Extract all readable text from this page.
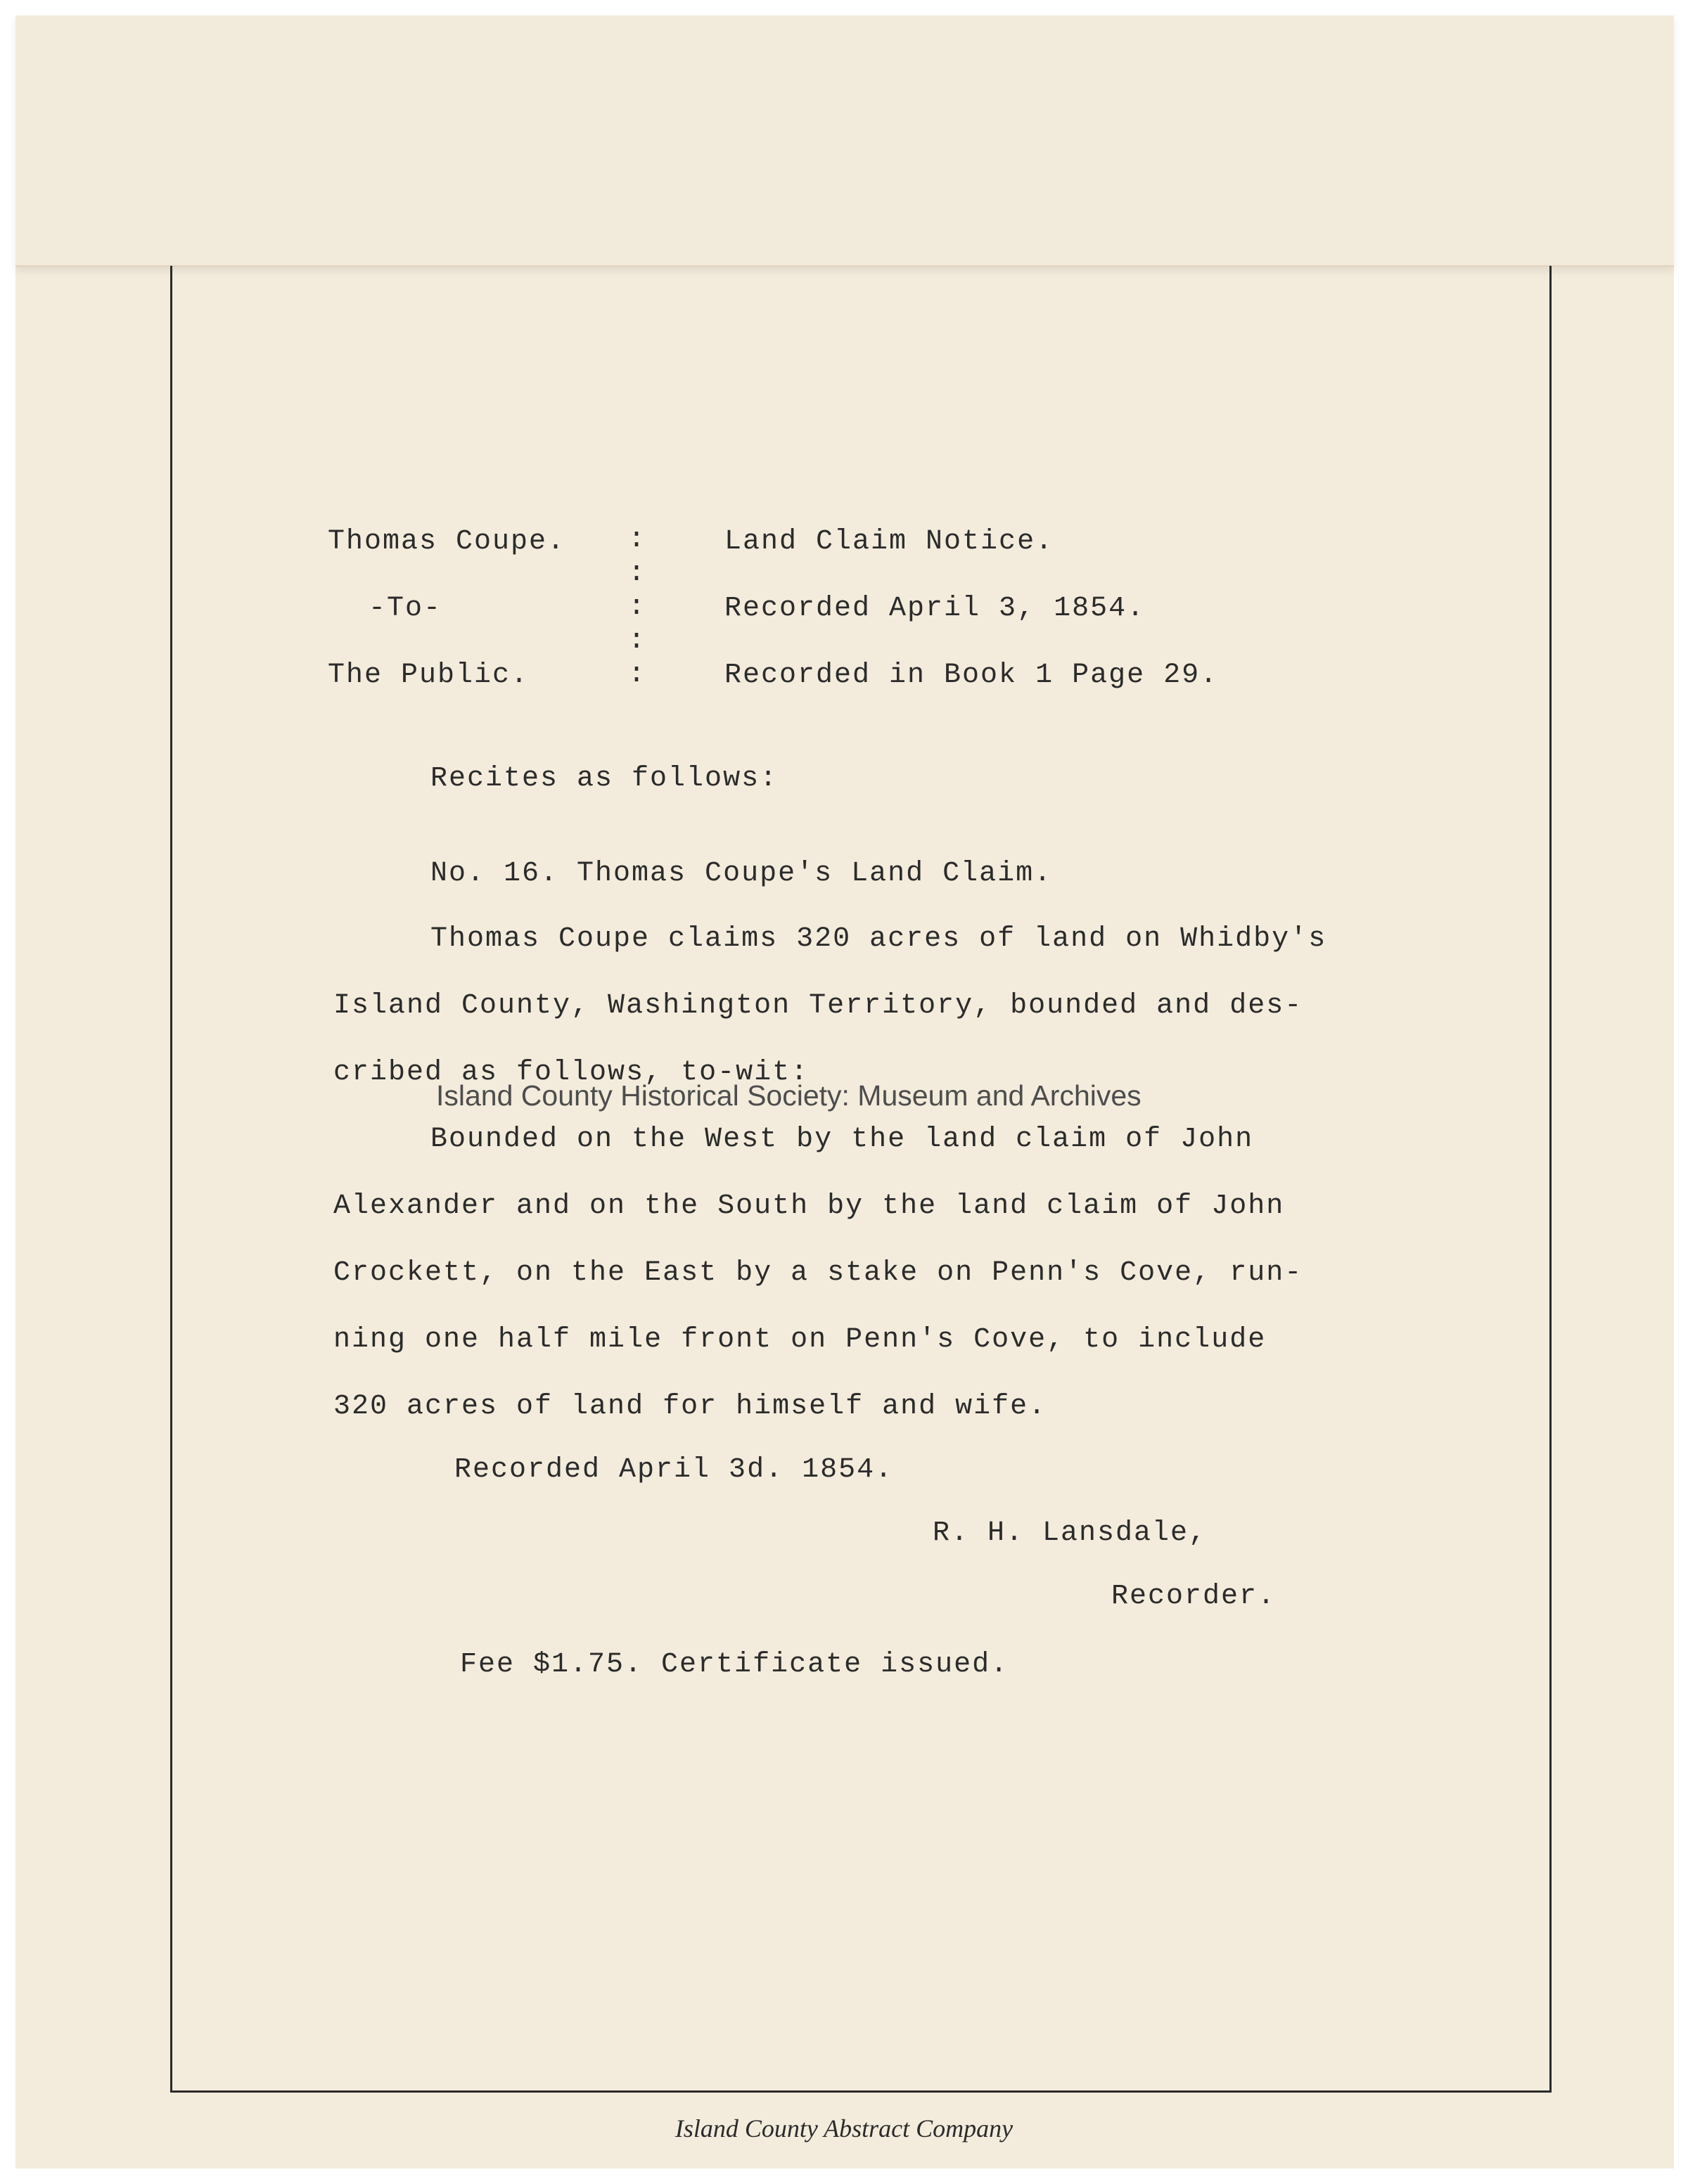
Thomas Coupe.
-To-
The Public.
:
:
:
:
:
Land Claim Notice.
Recorded April 3, 1854.
Recorded in Book 1 Page 29.
Recites as follows:
No. 16. Thomas Coupe's Land Claim.
Thomas Coupe claims 320 acres of land on Whidby's
Island County, Washington Territory, bounded and des-
cribed as follows, to-wit:
Island County Historical Society: Museum and Archives
Bounded on the West by the land claim of John
Alexander and on the South by the land claim of John
Crockett, on the East by a stake on Penn's Cove, run-
ning one half mile front on Penn's Cove, to include
320 acres of land for himself and wife.
Recorded April 3d. 1854.
R. H. Lansdale,
Recorder.
Fee $1.75. Certificate issued.
Island County Abstract Company
